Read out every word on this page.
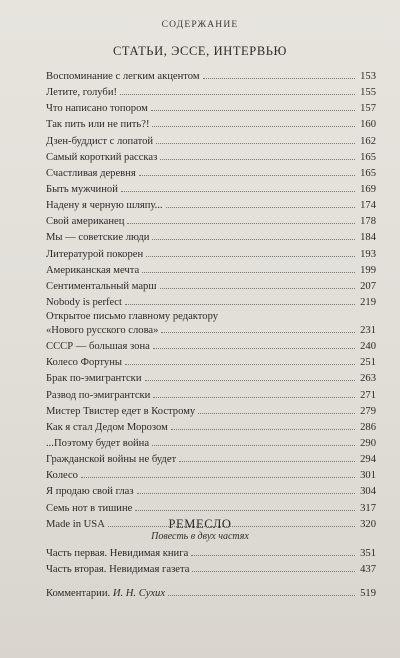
СОДЕРЖАНИЕ
СТАТЬИ, ЭССЕ, ИНТЕРВЬЮ
Воспоминание с легким акцентом	153
Летите, голуби!	155
Что написано топором	157
Так пить или не пить?!	160
Дзен-буддист с лопатой	162
Самый короткий рассказ	165
Счастливая деревня	165
Быть мужчиной	169
Надену я черную шляпу...	174
Свой американец	178
Мы — советские люди	184
Литературой покорен	193
Американская мечта	199
Сентиментальный марш	207
Nobody is perfect	219
Открытое письмо главному редактору
«Нового русского слова»	231
СССР — большая зона	240
Колесо Фортуны	251
Брак по-эмигрантски	263
Развод по-эмигрантски	271
Мистер Твистер едет в Кострому	279
Как я стал Дедом Морозом	286
...Поэтому будет война	290
Гражданской войны не будет	294
Колесо	301
Я продаю свой глаз	304
Семь нот в тишине	317
Made in USA	320
РЕМЕСЛО
Повесть в двух частях
Часть первая. Невидимая книга	351
Часть вторая. Невидимая газета	437
Комментарии. И. Н. Сухих	519
